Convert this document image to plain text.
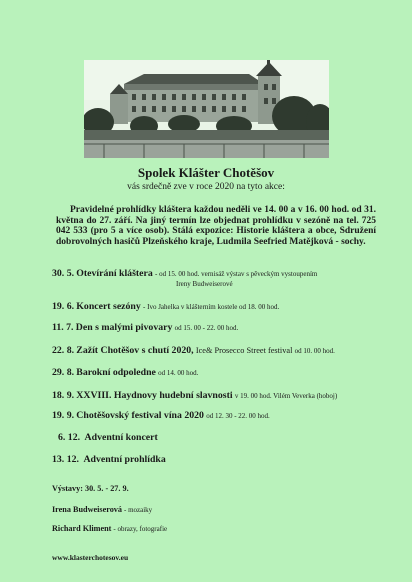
Spolek Klášter Chotěšov
vás srdečně zve v roce 2020 na tyto akce:
Pravidelné prohlídky kláštera každou neděli ve 14. 00 a v 16. 00 hod. od 31. května do 27. září. Na jiný termín lze objednat prohlídku v sezóně na tel. 725 042 533 (pro 5 a více osob). Stálá expozice: Historie kláštera a obce, Sdružení dobrovolných hasičů Plzeňského kraje, Ludmila Seefried Matějková - sochy.
30. 5. Otevírání kláštera - od 15. 00 hod. vernisáž výstav s pěveckým vystoupením
Ireny Budweiserové
19. 6. Koncert sezóny - Ivo Jahelka v klášterním kostele od 18. 00 hod.
11. 7. Den s malými pivovary od 15. 00 - 22. 00 hod.
22. 8. Zažít Chotěšov s chutí 2020, Ice& Prosecco Street festival od 10. 00 hod.
29. 8. Barokní odpoledne od 14. 00 hod.
18. 9. XXVIII. Haydnovy hudební slavnosti v 19. 00 hod. Vilém Veverka (hoboj)
19. 9. Chotěšovský festival vína 2020 od 12. 30 - 22. 00 hod.
6. 12. Adventní koncert
13. 12. Adventní prohlídka
Výstavy: 30. 5. - 27. 9.
Irena Budweiserová - mozaiky
Richard Kliment - obrazy, fotografie
www.klasterchotesov.eu
